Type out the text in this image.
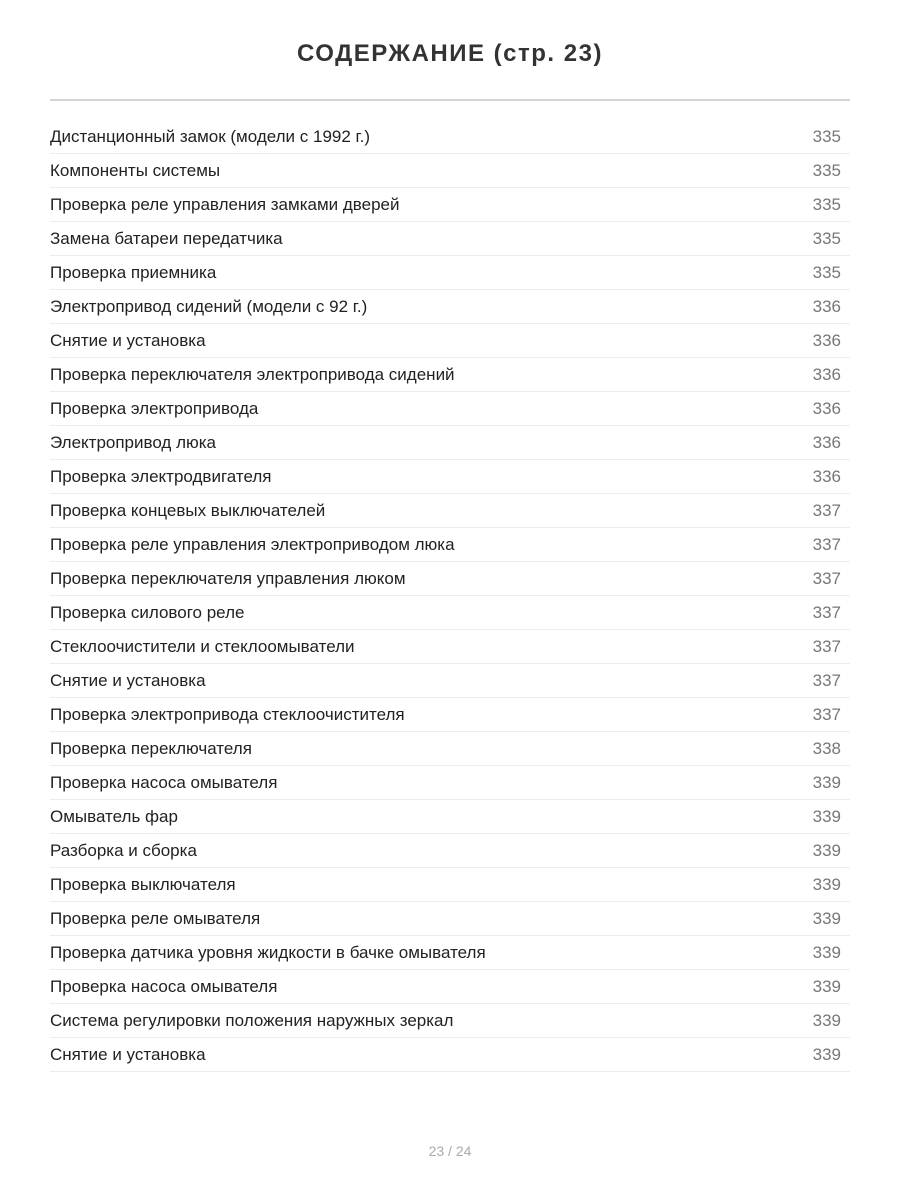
СОДЕРЖАНИЕ (стр. 23)
Дистанционный замок (модели с 1992 г.)	335
Компоненты системы	335
Проверка реле управления замками дверей	335
Замена батареи передатчика	335
Проверка приемника	335
Электропривод сидений (модели с 92 г.)	336
Снятие и установка	336
Проверка переключателя электропривода сидений	336
Проверка электропривода	336
Электропривод люка	336
Проверка электродвигателя	336
Проверка концевых выключателей	337
Проверка реле управления электроприводом люка	337
Проверка переключателя управления люком	337
Проверка силового реле	337
Стеклоочистители и стеклоомыватели	337
Снятие и установка	337
Проверка электропривода стеклоочистителя	337
Проверка переключателя	338
Проверка насоса омывателя	339
Омыватель фар	339
Разборка и сборка	339
Проверка выключателя	339
Проверка реле омывателя	339
Проверка датчика уровня жидкости в бачке омывателя	339
Проверка насоса омывателя	339
Система регулировки положения наружных зеркал	339
Снятие и установка	339
23 / 24
